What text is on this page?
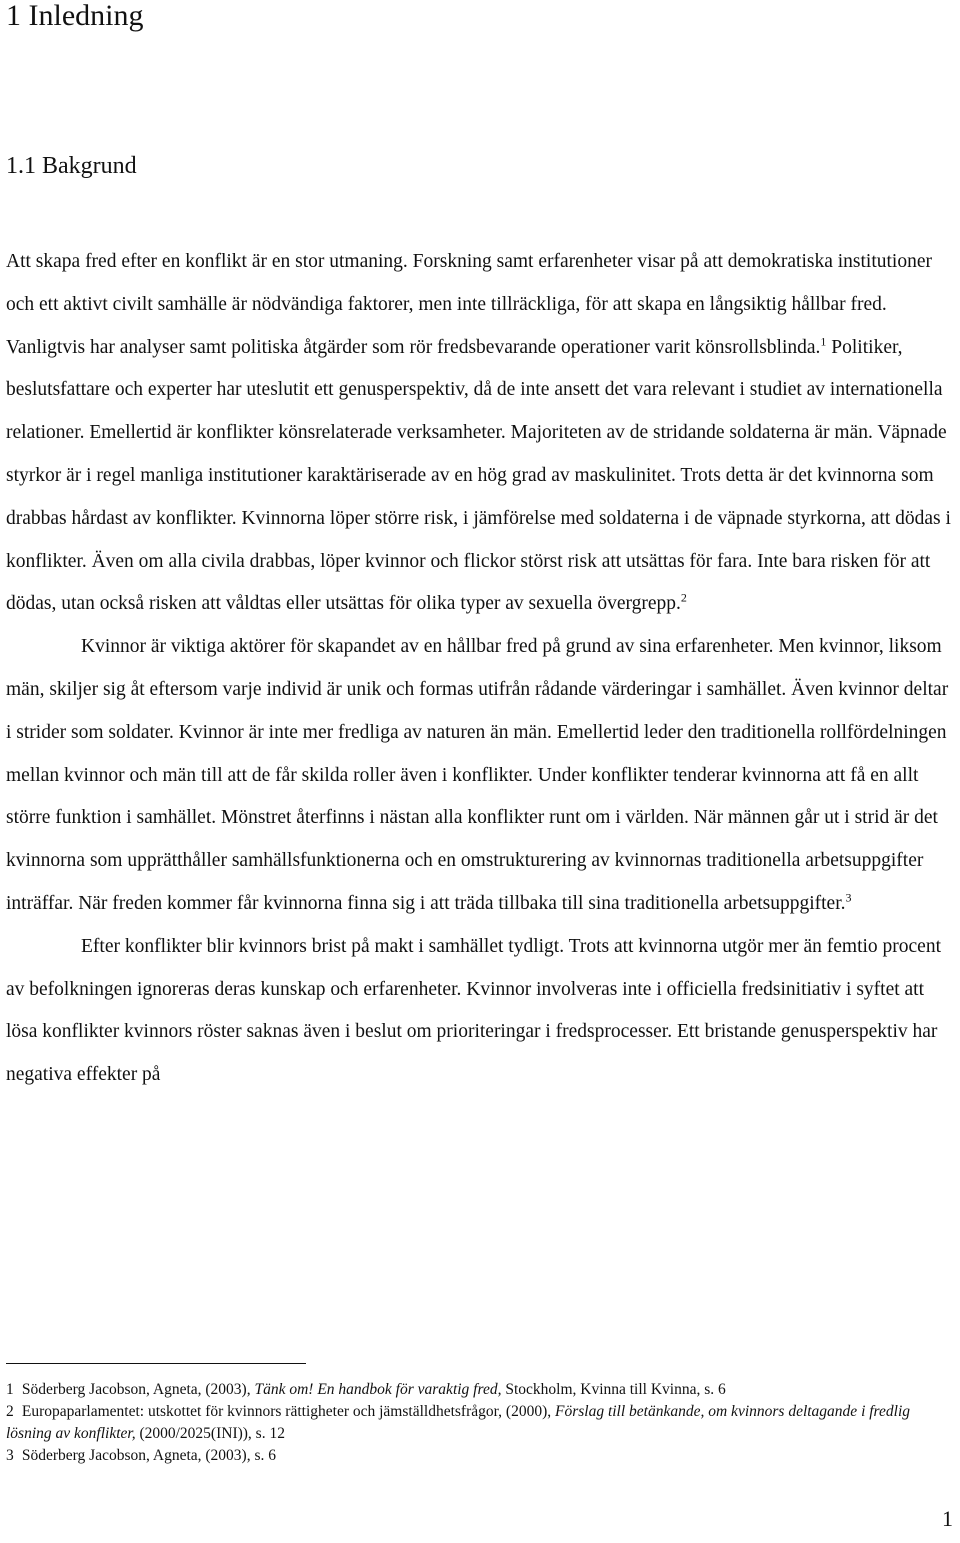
1 Inledning
1.1 Bakgrund

Att skapa fred efter en konflikt är en stor utmaning. Forskning samt erfarenheter visar på att demokratiska institutioner och ett aktivt civilt samhälle är nödvändiga faktorer, men inte tillräckliga, för att skapa en långsiktig hållbar fred. Vanligtvis har analyser samt politiska åtgärder som rör fredsbevarande operationer varit könsrollsblinda.$^1$ Politiker, beslutsfattare och experter har uteslutit ett genusperspektiv, då de inte ansett det vara relevant i studiet av internationella relationer. Emellertid är konflikter könsrelaterade verksamheter. Majoriteten av de stridande soldaterna är män. Väpnade styrkor är i regel manliga institutioner karaktäriserade av en hög grad av maskulinitet. Trots detta är det kvinnorna som drabbas hårdast av konflikter. Kvinnorna löper större risk, i jämförelse med soldaterna i de väpnade styrkorna, att dödas i konflikter. Även om alla civila drabbas, löper kvinnor och flickor störst risk att utsättas för fara. Inte bara risken för att dödas, utan också risken att våldtas eller utsättas för olika typer av sexuella övergrepp.$^2$

Kvinnor är viktiga aktörer för skapandet av en hållbar fred på grund av sina erfarenheter. Men kvinnor, liksom män, skiljer sig åt eftersom varje individ är unik och formas utifrån rådande värderingar i samhället. Även kvinnor deltar i strider som soldater. Kvinnor är inte mer fredliga av naturen än män. Emellertid leder den traditionella rollfördelningen mellan kvinnor och män till att de får skilda roller även i konflikter. Under konflikter tenderar kvinnorna att få en allt större funktion i samhället. Mönstret återfinns i nästan alla konflikter runt om i världen. När männen går ut i strid är det kvinnorna som upprätthåller samhällsfunktionerna och en omstrukturering av kvinnornas traditionella arbetsuppgifter inträffar. När freden kommer får kvinnorna finna sig i att träda tillbaka till sina traditionella arbetsuppgifter.$^3$

Efter konflikter blir kvinnors brist på makt i samhället tydligt. Trots att kvinnorna utgör mer än femtio procent av befolkningen ignoreras deras kunskap och erfarenheter. Kvinnor involveras inte i officiella fredsinitiativ i syftet att lösa konflikter kvinnors röster saknas även i beslut om prioriteringar i fredsprocesser. Ett bristande genusperspektiv har negativa effekter på

1 Söderberg Jacobson, Agneta, (2003), Tänk om! En handbok för varaktig fred, Stockholm, Kvinna till Kvinna, s. 6

2 Europaparlamentet: utskottet för kvinnors rättigheter och jämställdhetsfrågor, (2000), Förslag till betänkande, om kvinnors deltagande i fredlig lösning av konflikter, (2000/2025(INI)), s. 12

3 Söderberg Jacobson, Agneta, (2003), s. 6

1
